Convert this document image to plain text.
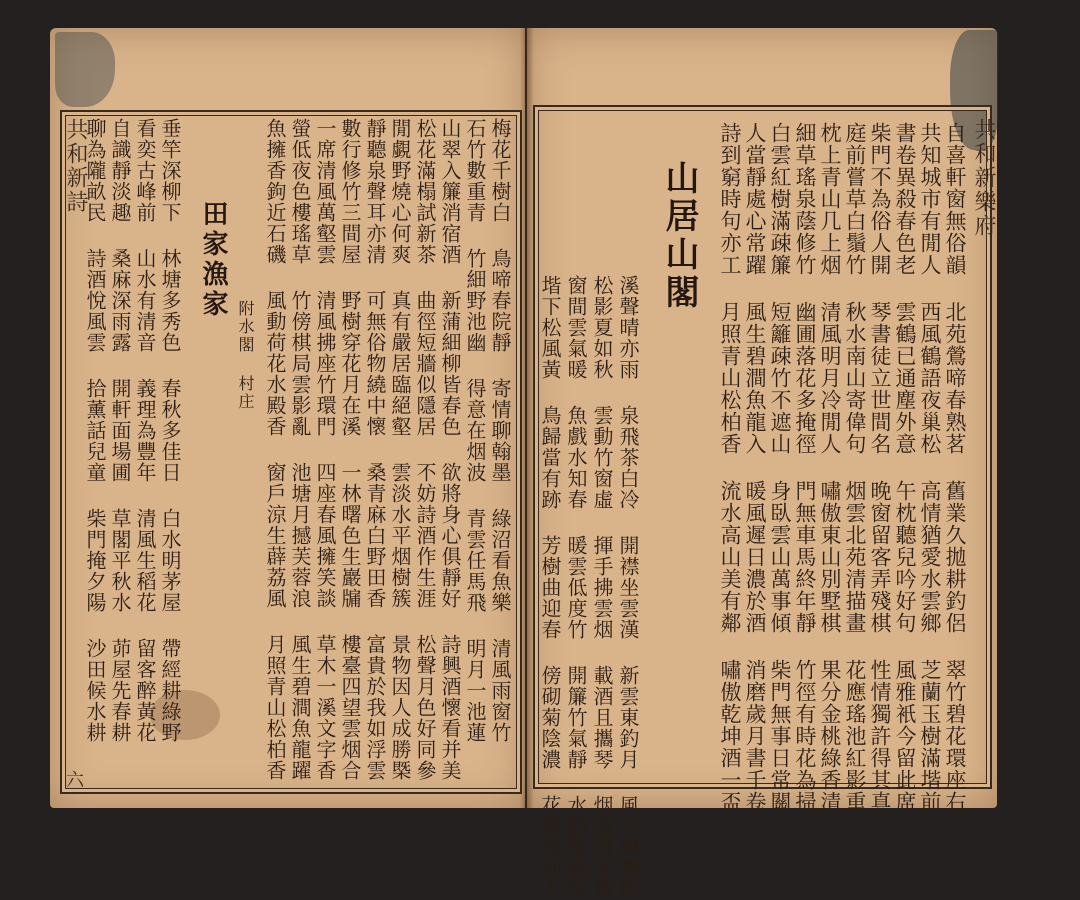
共和新樂府
共和新詩
六	自喜軒窗無俗韻 北苑鶯啼春熟茗 舊業久拋耕釣侶 翠竹碧花環座右
共知城市有閒人 西風鶴語夜巢松 高情猶愛水雲鄉 芝蘭玉樹滿堦前
書卷異殺春色老 雲鶴已通塵外意 午枕聽兒吟好句 風雅衹今留此席
柴門不為俗人開 琴書徒立世間名 晚窗留客弄殘棋 性情獨許得其真
庭前嘗草白鬚竹 秋水南山寄偉句 烟雲北苑清描畫 花應瑤池紅影重
枕上青山几上烟 清風明月冷閒人 嘯傲東山別墅棋 果分金桃綠香清
細草瑤泉蔭修竹 幽圃落花多掩徑 門無車馬終年靜 竹徑有時花為掃
白雲紅樹滿疎簾 短籬疎竹不遮山 身臥雲山萬事傾 柴門無事日常關
人當靜處心常躍 風生碧澗魚龍入 暖風遲日濃於酒 消磨歲月書千卷
詩到窮時句亦工 月照青山松柏香 流水高山美有鄰 嘯傲乾坤酒一盃
山居山閣
溪聲晴亦雨 泉飛茶白冷 開襟坐雲漢 新雲東釣月 風月暢懷抱
松影夏如秋 雲動竹窗虛 揮手拂雲烟 載酒且攜琴 烟霞得性情
窗間雲氣暖 魚戲水知春 暖雲低度竹 開簾竹氣靜 水靜魚吞浪
堦下松風黃 鳥歸當有跡 芳樹曲迎春 傍砌菊陰濃 花繁鳥抑人
梅花千樹白 鳥啼春院靜 寄情聊翰墨 綠沼看魚樂 清風雨窗竹
石竹數重青 竹細野池幽 得意在烟波 青雲任馬飛 明月一池蓮
山翠入簾消宿酒 新蒲細柳皆春色 欲將身心俱靜好 詩興酒懷看并美
松花滿榻試新茶 曲徑短牆似隱居 不妨詩酒作生涯 松聲月色好同參
閒覷野燒心何爽 真有嚴居臨絕壑 雲淡水平烟樹簇 景物因人成勝槩
靜聽泉聲耳亦清 可無俗物繞中懷 桑青麻白野田香 富貴於我如浮雲
數行修竹三間屋 野樹穿花月在溪 一林曙色生巖牖 樓臺四望雲烟合
一席清風萬壑雲 清風拂座竹環門 四座春風擁笑談 草木一溪文字香
螢低夜色樓瑤草 竹傍棋局雲影亂 池塘月撼芙蓉浪 風生碧澗魚龍躍
魚擁香鉤近石磯 風動荷花水殿香 窗戶涼生薜荔風 月照青山松柏香
田家漁家
附水閣 村庄
垂竿深柳下 林塘多秀色 春秋多佳日 白水明茅屋 帶經耕綠野
看奕古峰前 山水有清音 義理為豐年 清風生稻花 留客醉黃花
自識靜淡趣 桑麻深雨露 開軒面場圃 草閣平秋水 茆屋先春耕
聊為隴畝民 詩酒悅風雲 拾薰話兒童 柴門掩夕陽 沙田候水耕
